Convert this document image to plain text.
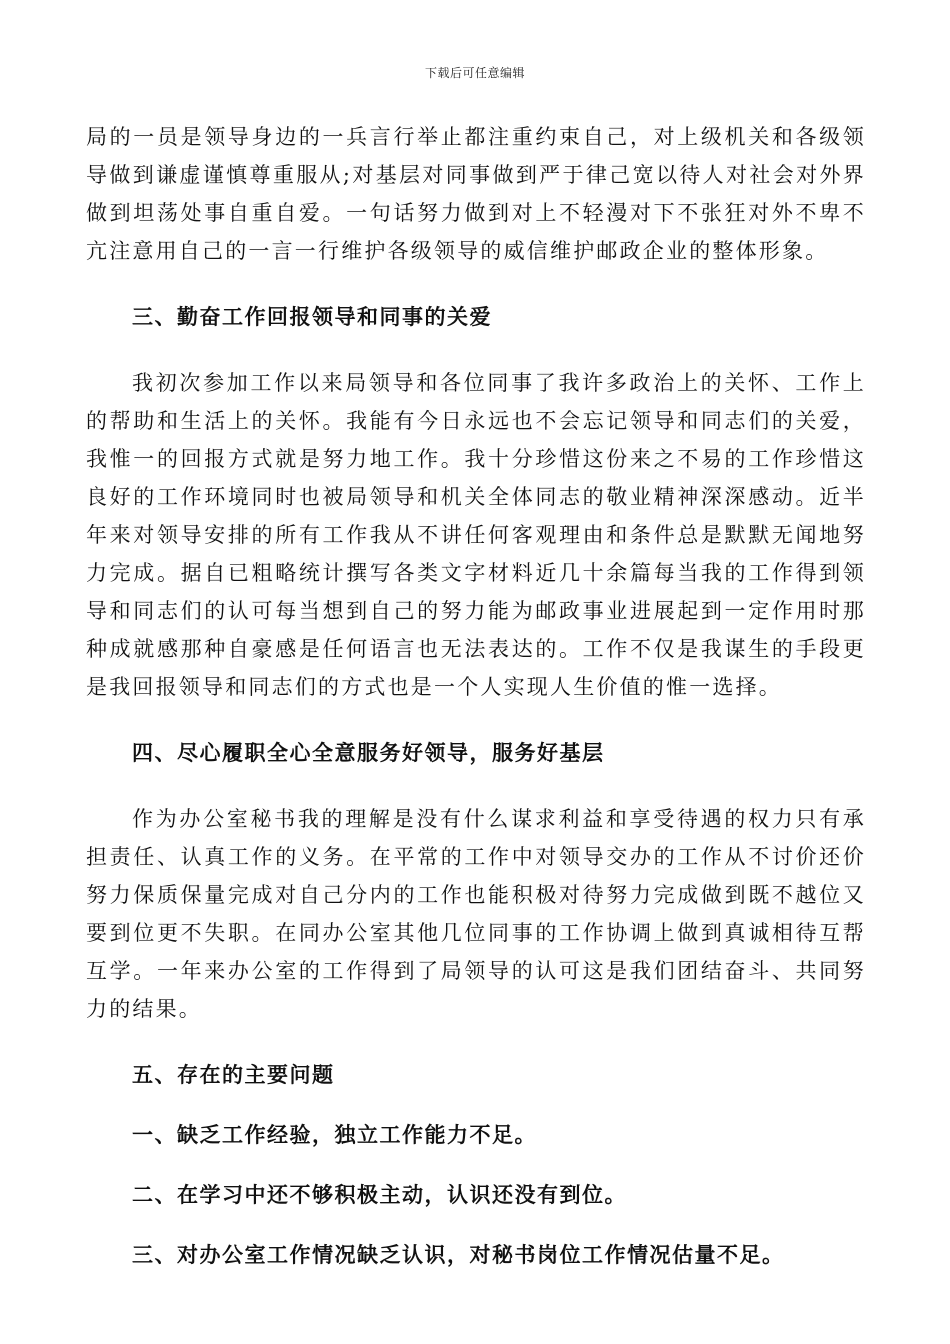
下载后可任意编辑

局的一员是领导身边的一兵言行举止都注重约束自己，对上级机关和各级领导做到谦虚谨慎尊重服从;对基层对同事做到严于律己宽以待人对社会对外界做到坦荡处事自重自爱。一句话努力做到对上不轻漫对下不张狂对外不卑不亢注意用自己的一言一行维护各级领导的威信维护邮政企业的整体形象。

三、勤奋工作回报领导和同事的关爱

我初次参加工作以来局领导和各位同事了我许多政治上的关怀、工作上的帮助和生活上的关怀。我能有今日永远也不会忘记领导和同志们的关爱，我惟一的回报方式就是努力地工作。我十分珍惜这份来之不易的工作珍惜这良好的工作环境同时也被局领导和机关全体同志的敬业精神深深感动。近半年来对领导安排的所有工作我从不讲任何客观理由和条件总是默默无闻地努力完成。据自已粗略统计撰写各类文字材料近几十余篇每当我的工作得到领导和同志们的认可每当想到自己的努力能为邮政事业进展起到一定作用时那种成就感那种自豪感是任何语言也无法表达的。工作不仅是我谋生的手段更是我回报领导和同志们的方式也是一个人实现人生价值的惟一选择。

四、尽心履职全心全意服务好领导，服务好基层

作为办公室秘书我的理解是没有什么谋求利益和享受待遇的权力只有承担责任、认真工作的义务。在平常的工作中对领导交办的工作从不讨价还价努力保质保量完成对自己分内的工作也能积极对待努力完成做到既不越位又要到位更不失职。在同办公室其他几位同事的工作协调上做到真诚相待互帮互学。一年来办公室的工作得到了局领导的认可这是我们团结奋斗、共同努力的结果。

五、存在的主要问题

一、缺乏工作经验，独立工作能力不足。

二、在学习中还不够积极主动，认识还没有到位。

三、对办公室工作情况缺乏认识，对秘书岗位工作情况估量不足。
